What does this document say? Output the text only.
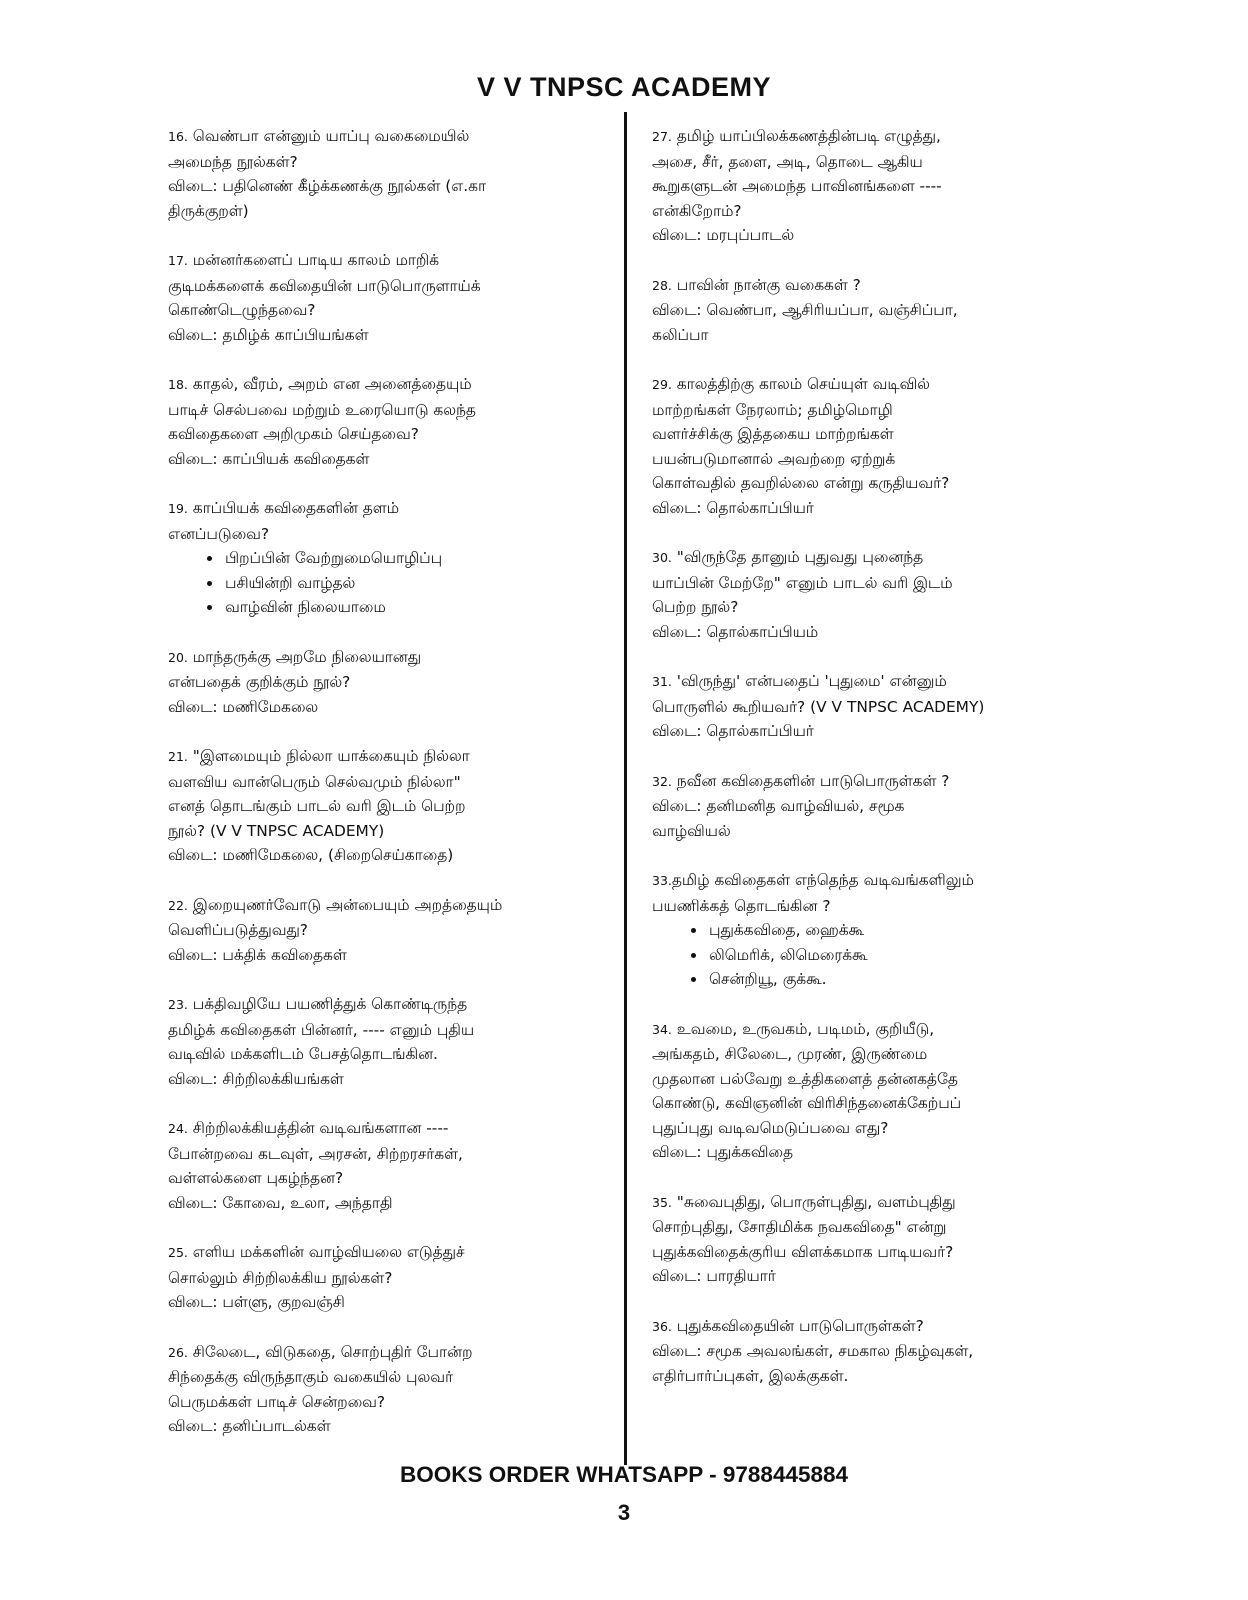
V V TNPSC ACADEMY
16. வெண்பா என்னும் யாப்பு வகைமையில்
அமைந்த நூல்கள்?
விடை: பதினெண் கீழ்க்கணக்கு நூல்கள் (எ.கா
திருக்குறள்)
17. மன்னர்களைப் பாடிய காலம் மாறிக்
குடிமக்களைக் கவிதையின் பாடுபொருளாய்க்
கொண்டெழுந்தவை?
விடை: தமிழ்க் காப்பியங்கள்
18. காதல், வீரம், அறம் என அனைத்தையும்
பாடிச் செல்பவை மற்றும் உரையொடு கலந்த
கவிதைகளை அறிமுகம் செய்தவை?
விடை: காப்பியக் கவிதைகள்
19. காப்பியக் கவிதைகளின் தளம்
எனப்படுவை?
• பிறப்பின் வேற்றுமையொழிப்பு
• பசியின்றி வாழ்தல்
• வாழ்வின் நிலையாமை
20. மாந்தருக்கு அறமே நிலையானது
என்பதைக் குறிக்கும் நூல்?
விடை: மணிமேகலை
21. "இளமையும் நில்லா யாக்கையும் நில்லா
வளவிய வான்பெரும் செல்வமும் நில்லா"
எனத் தொடங்கும் பாடல் வரி இடம் பெற்ற
நூல்? (V V TNPSC ACADEMY)
விடை: மணிமேகலை, (சிறைசெய்காதை)
22. இறையுணர்வோடு அன்பையும் அறத்தையும்
வெளிப்படுத்துவது?
விடை: பக்திக் கவிதைகள்
23. பக்திவழியே பயணித்துக் கொண்டிருந்த
தமிழ்க் கவிதைகள் பின்னர், ---- எனும் புதிய
வடிவில் மக்களிடம் பேசத்தொடங்கின.
விடை: சிற்றிலக்கியங்கள்
24. சிற்றிலக்கியத்தின் வடிவங்களான ----
போன்றவை கடவுள், அரசன், சிற்றரசர்கள்,
வள்ளல்களை புகழ்ந்தன?
விடை: கோவை, உலா, அந்தாதி
25. எளிய மக்களின் வாழ்வியலை எடுத்துச்
சொல்லும் சிற்றிலக்கிய நூல்கள்?
விடை: பள்ளு, குறவஞ்சி
26. சிலேடை, விடுகதை, சொற்புதிர் போன்ற
சிந்தைக்கு விருந்தாகும் வகையில் புலவர்
பெருமக்கள் பாடிச் சென்றவை?
விடை: தனிப்பாடல்கள்
27. தமிழ் யாப்பிலக்கணத்தின்படி எழுத்து,
அசை, சீர், தளை, அடி, தொடை ஆகிய
கூறுகளுடன் அமைந்த பாவினங்களை ----
என்கிறோம்?
விடை: மரபுப்பாடல்
28. பாவின் நான்கு வகைகள் ?
விடை: வெண்பா, ஆசிரியப்பா, வஞ்சிப்பா,
கலிப்பா
29. காலத்திற்கு காலம் செய்யுள் வடிவில்
மாற்றங்கள் நேரலாம்; தமிழ்மொழி
வளர்ச்சிக்கு இத்தகைய மாற்றங்கள்
பயன்படுமானால் அவற்றை ஏற்றுக்
கொள்வதில் தவறில்லை என்று கருதியவர்?
விடை: தொல்காப்பியர்
30. "விருந்தே தானும் புதுவது புனைந்த
யாப்பின் மேற்றே" எனும் பாடல் வரி இடம்
பெற்ற நூல்?
விடை: தொல்காப்பியம்
31. 'விருந்து' என்பதைப் 'புதுமை' என்னும்
பொருளில் கூறியவர்? (V V TNPSC ACADEMY)
விடை: தொல்காப்பியர்
32. நவீன கவிதைகளின் பாடுபொருள்கள் ?
விடை: தனிமனித வாழ்வியல், சமூக
வாழ்வியல்
33.தமிழ் கவிதைகள் எந்தெந்த வடிவங்களிலும்
பயணிக்கத் தொடங்கின ?
• புதுக்கவிதை, ஹைக்கூ
• லிமெரிக், லிமெரைக்கூ
• சென்றியூ, குக்கூ.
34. உவமை, உருவகம், படிமம், குறியீடு,
அங்கதம், சிலேடை, முரண், இருண்மை
முதலான பல்வேறு உத்திகளைத் தன்னகத்தே
கொண்டு, கவிஞனின் விரிசிந்தனைக்கேற்பப்
புதுப்புது வடிவமெடுப்பவை எது?
விடை: புதுக்கவிதை
35. "சுவைபுதிது, பொருள்புதிது, வளம்புதிது
சொற்புதிது, சோதிமிக்க நவகவிதை" என்று
புதுக்கவிதைக்குரிய விளக்கமாக பாடியவர்?
விடை: பாரதியார்
36. புதுக்கவிதையின் பாடுபொருள்கள்?
விடை: சமூக அவலங்கள், சமகால நிகழ்வுகள்,
எதிர்பார்ப்புகள், இலக்குகள்.
BOOKS ORDER WHATSAPP - 9788445884
3
